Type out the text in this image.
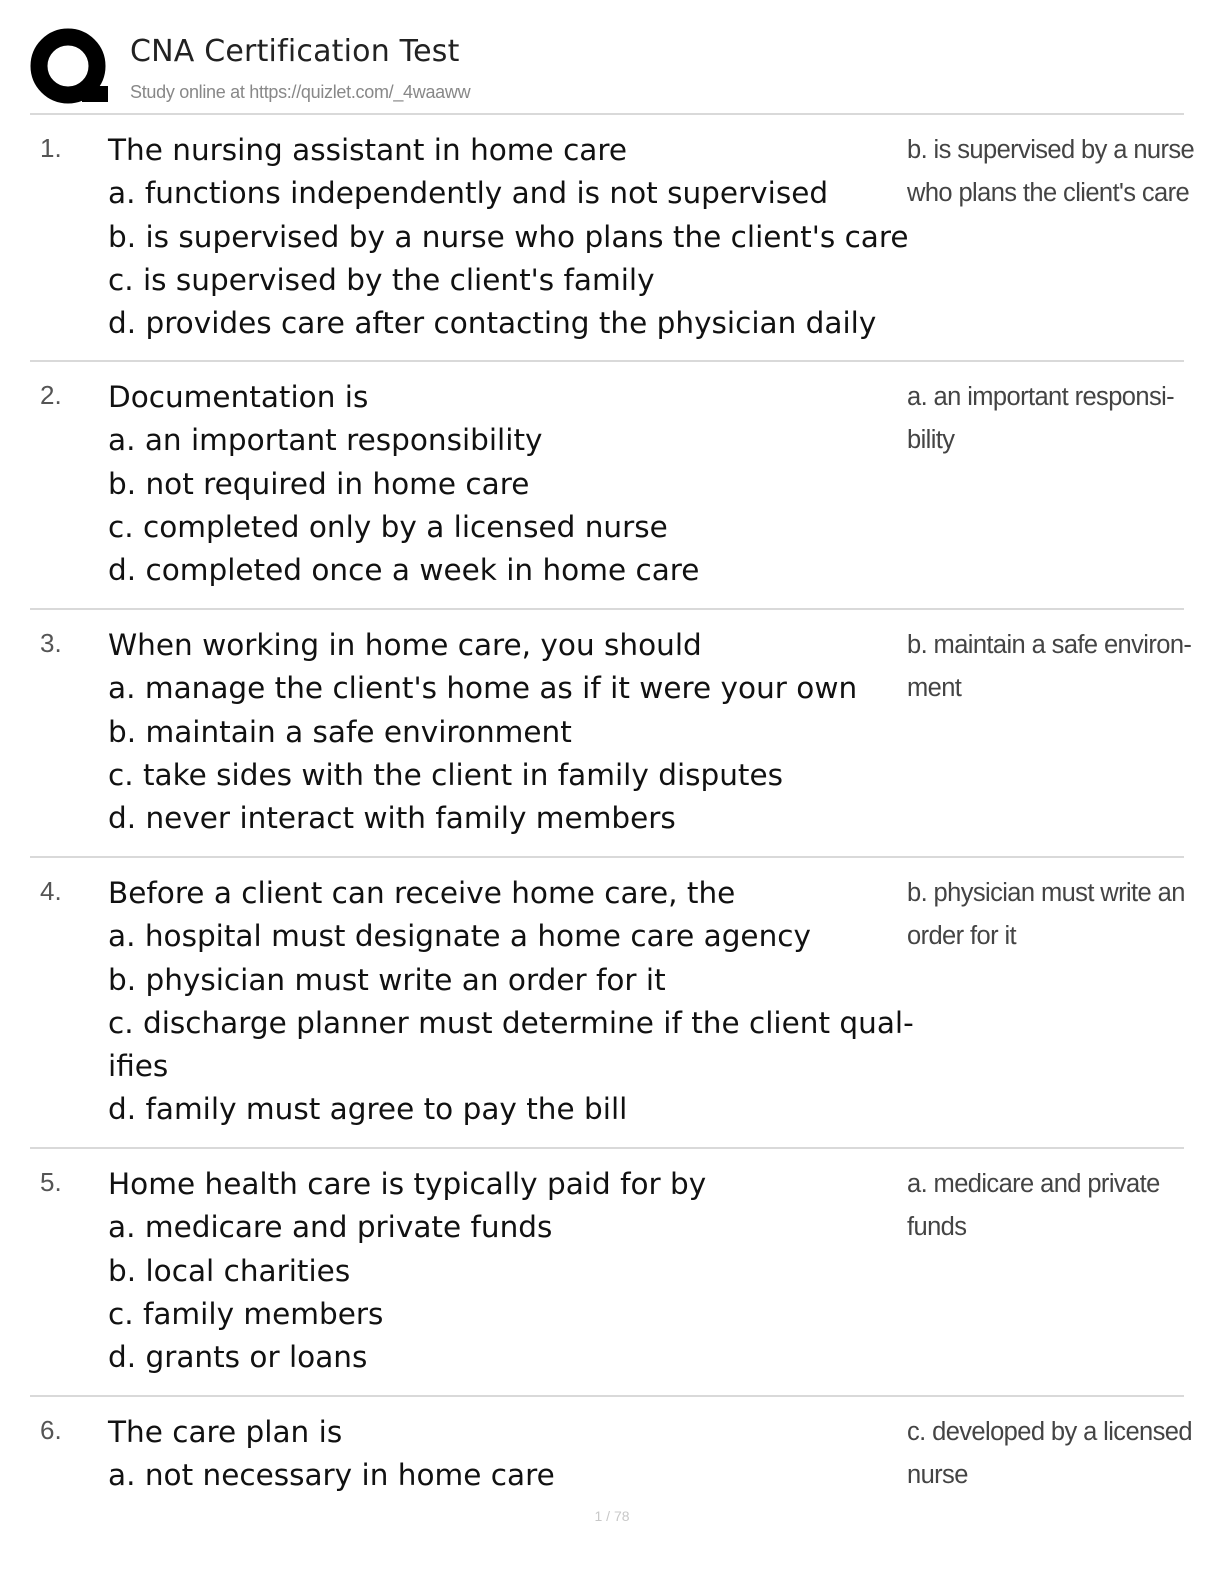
CNA Certification Test
Study online at https://quizlet.com/_4waaww
1. The nursing assistant in home care
a. functions independently and is not supervised
b. is supervised by a nurse who plans the client's care
c. is supervised by the client's family
d. provides care after contacting the physician daily
b. is supervised by a nurse
who plans the client's care
2. Documentation is
a. an important responsibility
b. not required in home care
c. completed only by a licensed nurse
d. completed once a week in home care
a. an important responsi-
bility
3. When working in home care, you should
a. manage the client's home as if it were your own
b. maintain a safe environment
c. take sides with the client in family disputes
d. never interact with family members
b. maintain a safe environ-
ment
4. Before a client can receive home care, the
a. hospital must designate a home care agency
b. physician must write an order for it
c. discharge planner must determine if the client qual-
ifies
d. family must agree to pay the bill
b. physician must write an
order for it
5. Home health care is typically paid for by
a. medicare and private funds
b. local charities
c. family members
d. grants or loans
a. medicare and private
funds
6. The care plan is
a. not necessary in home care
c. developed by a licensed
nurse
1 / 78
